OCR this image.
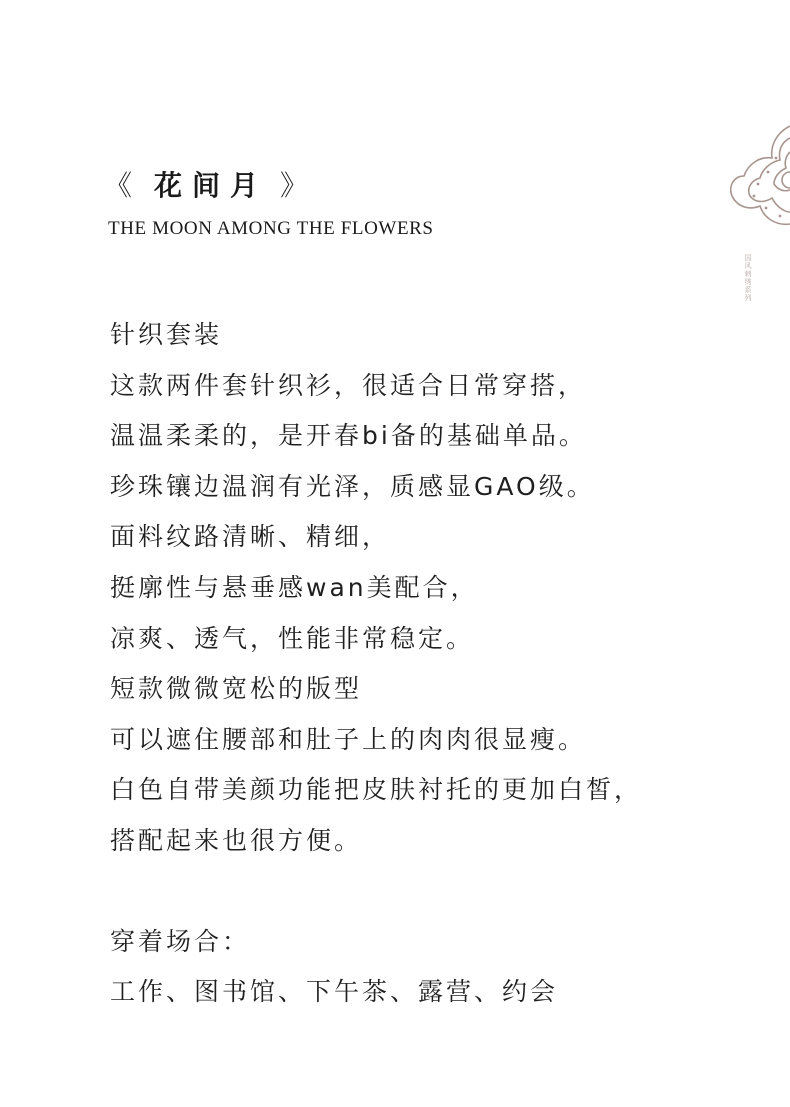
《 花间月 》
THE MOON AMONG THE FLOWERS
针织套装
这款两件套针织衫，很适合日常穿搭，
温温柔柔的，是开春bi备的基础单品。
珍珠镶边温润有光泽，质感显GAO级。
面料纹路清晰、精细，
挺廓性与悬垂感wan美配合，
凉爽、透气，性能非常稳定。
短款微微宽松的版型
可以遮住腰部和肚子上的肉肉很显瘦。
白色自带美颜功能把皮肤衬托的更加白皙，
搭配起来也很方便。
穿着场合：
工作、图书馆、下午茶、露营、约会
国风刺绣系列
